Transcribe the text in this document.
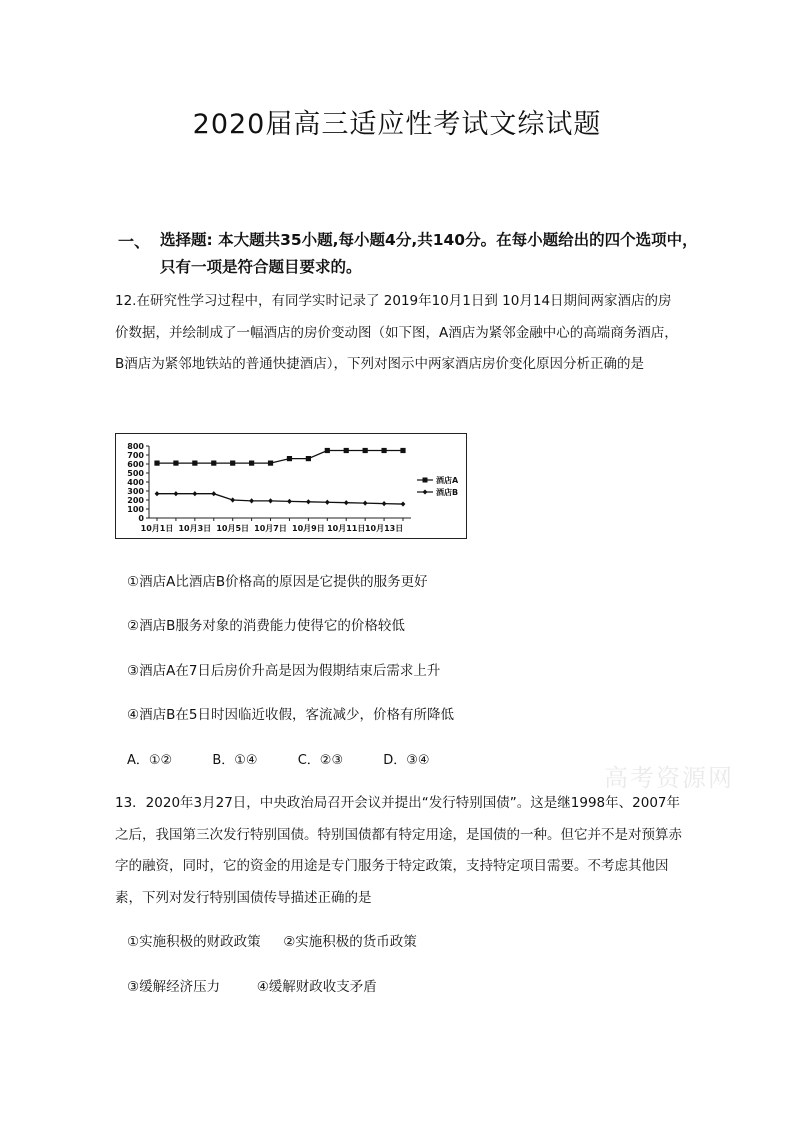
2020届高三适应性考试文综试题
一、 选择题: 本大题共35小题,每小题4分,共140分。在每小题给出的四个选项中，只有一项是符合题目要求的。
12.在研究性学习过程中，有同学实时记录了 2019年10月1日到 10月14日期间两家酒店的房价数据，并绘制成了一幅酒店的房价变动图（如下图，A酒店为紧邻金融中心的高端商务酒店，B酒店为紧邻地铁站的普通快捷酒店），下列对图示中两家酒店房价变化原因分析正确的是
0
100
200
300
400
500
600
700
800
10月1日 10月3日 10月5日 10月7日 10月9日 10月11日 10月13日
酒店A
酒店B
①酒店A比酒店B价格高的原因是它提供的服务更好
②酒店B服务对象的消费能力使得它的价格较低
③酒店A在7日后房价升高是因为假期结束后需求上升
④酒店B在5日时因临近收假，客流减少，价格有所降低
A．①②	B．①④	C．②③	D．③④
高考资源网
13．2020年3月27日，中央政治局召开会议并提出“发行特别国债”。这是继1998年、2007年之后，我国第三次发行特别国债。特别国债都有特定用途，是国债的一种。但它并不是对预算赤字的融资，同时，它的资金的用途是专门服务于特定政策，支持特定项目需要。不考虑其他因素，下列对发行特别国债传导描述正确的是
①实施积极的财政政策 ②实施积极的货币政策
③缓解经济压力	④缓解财政收支矛盾
